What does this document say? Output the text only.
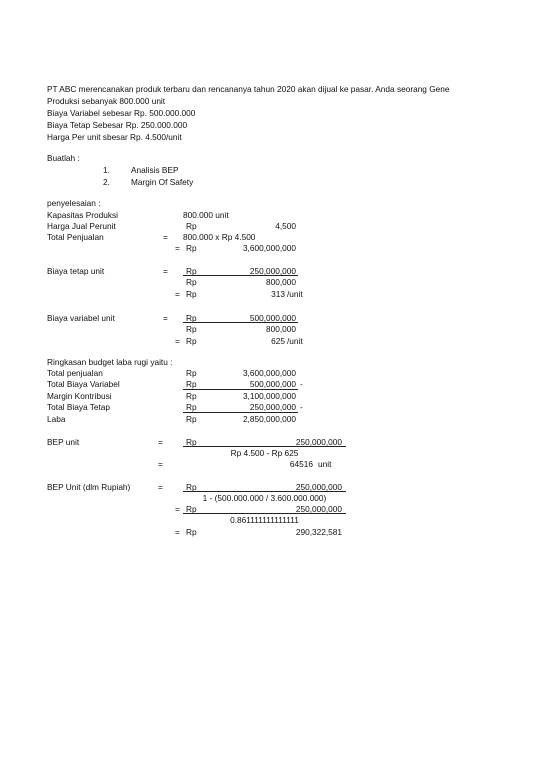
PT ABC merencanakan produk terbaru dan rencananya tahun 2020 akan dijual ke pasar. Anda seorang Gene
Produksi sebanyak 800.000 unit
Biaya Variabel sebesar Rp. 500.000.000
Biaya Tetap Sebesar Rp. 250.000.000
Harga Per unit sbesar Rp. 4.500/unit
Buatlah :
1.	Analisis BEP
2.	Margin Of Safety
penyelesaian :
Kapasitas Produksi	800.000 unit
Harga Jual Perunit	Rp	4,500
Total Penjualan	= 800.000 x Rp 4.500
= Rp	3,600,000,000
Biaya tetap unit	= Rp	250,000,000
Rp	800,000
= Rp	313 /unit
Biaya variabel unit	= Rp	500,000,000
Rp	800,000
= Rp	625 /unit
Ringkasan budget laba rugi yaitu :
Total penjualan	Rp	3,600,000,000
Total Biaya Variabel	Rp	500,000,000 -
Margin Kontribusi	Rp	3,100,000,000
Total Biaya Tetap	Rp	250,000,000 -
Laba	Rp	2,850,000,000
BEP unit	=	Rp	250,000,000
Rp 4.500 - Rp 625
=	64516 unit
BEP Unit (dlm Rupiah)	=	Rp	250,000,000
1 - (500.000.000 / 3.600.000.000)
= Rp	250,000,000
0.861111111111111
= Rp	290,322,581
